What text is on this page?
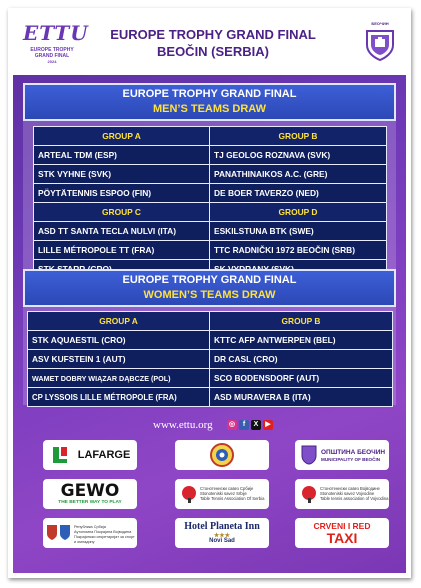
ETTU
EUROPE TROPHY
GRAND FINAL
2024
EUROPE TROPHY GRAND FINAL
BEOČIN (SERBIA)
БЕОЧИН
EUROPE TROPHY GRAND FINAL
MEN’S TEAMS DRAW
GROUP A	GROUP B
ARTEAL TDM (ESP)	TJ GEOLOG ROZNAVA (SVK)
STK VYHNE (SVK)	PANATHINAIKOS A.C. (GRE)
PÖYTÄTENNIS ESPOO (FIN)	DE BOER TAVERZO (NED)
GROUP C	GROUP D
ASD TT SANTA TECLA NULVI (ITA)	ESKILSTUNA BTK (SWE)
LILLE MÉTROPOLE TT (FRA)	TTC RADNIČKI 1972 BEOČIN (SRB)

EUROPE TROPHY GRAND FINAL
WOMEN’S TEAMS DRAW
GROUP A	GROUP B
STK AQUAESTIL (CRO)	KTTC AFP ANTWERPEN (BEL)
ASV KUFSTEIN 1 (AUT)	DR CASL (CRO)
WAMET DOBRY WIĄZAR DĄBCZE (POL)	SCO BODENSDORF (AUT)
CP LYSSOIS LILLE MÉTROPOLE (FRA)	ASD MURAVERA B (ITA)
www.ettu.org ◎	f	X ▶
LAFARGE	ОПШТИНА БЕОЧИН
MUNICIPALITY OF BEOČIN
GEWO
THE BETTER WAY TO PLAY
Стонотениски савез Србије
Stonoteniski savez Srbije
Table Tennis Association Of Serbia
Стонотениски савез Војводине
Stonoteniski savez Vojvodine
Table tennis association of Vojvodina
Република Србија
Аутономна Покрајина Војводина
Покрајински секретаријат за спорт и омладину
Hotel Planeta Inn
★★★
Novi Sad
CRVENI I RED
TAXI
